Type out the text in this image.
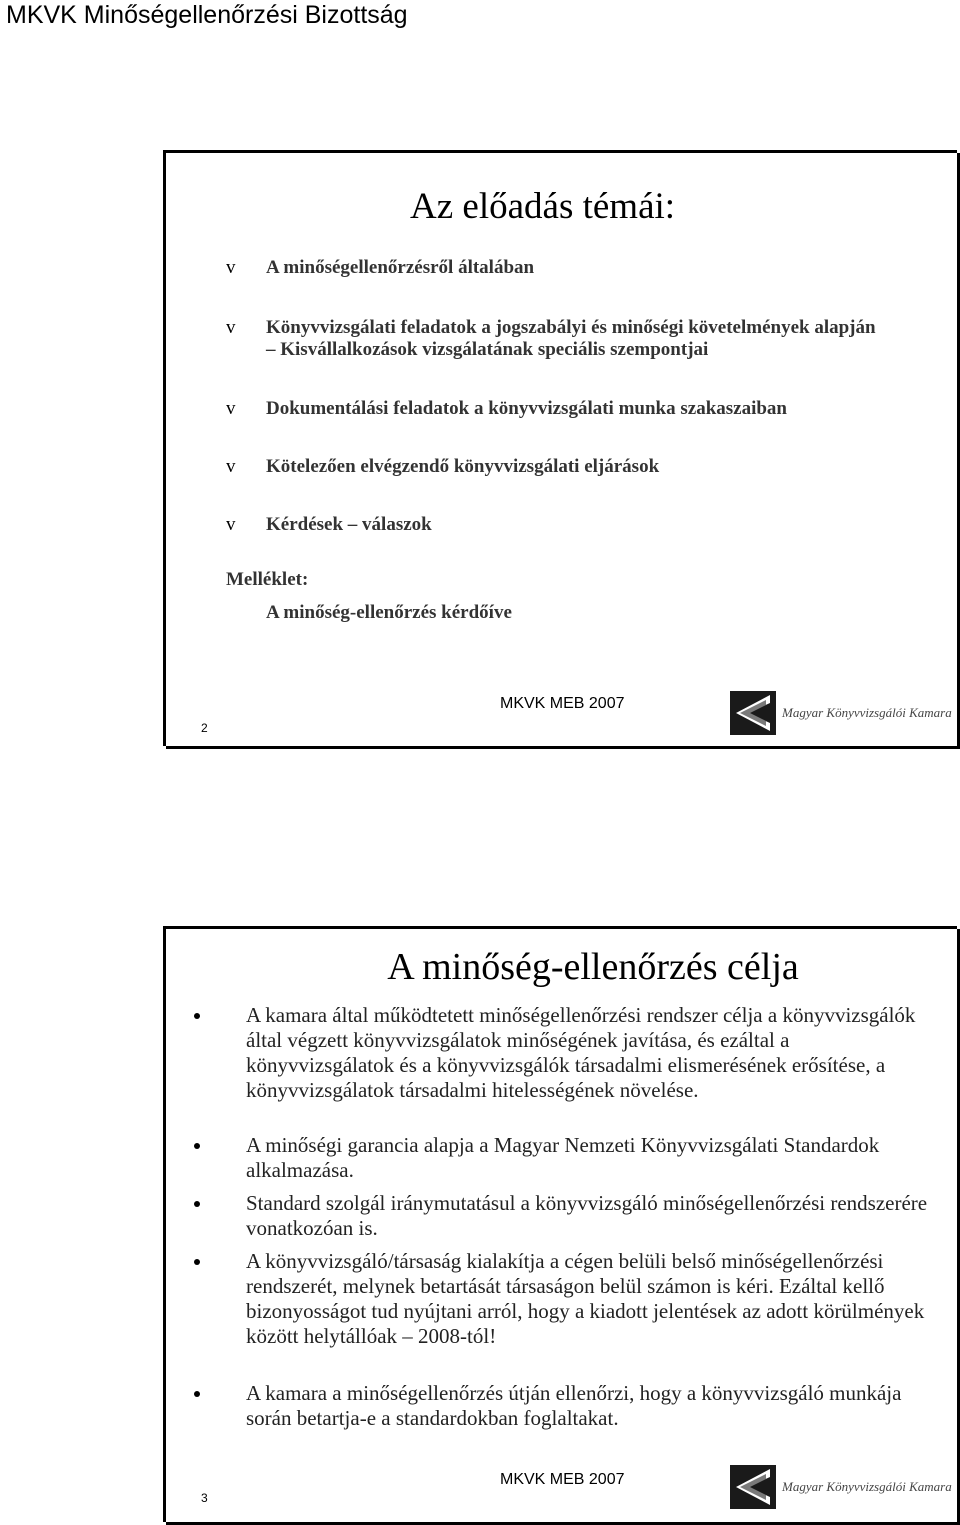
MKVK Minőségellenőrzési Bizottság
Az előadás témái:
v A minőségellenőrzésről általában
v Könyvvizsgálati feladatok a jogszabályi és minőségi követelmények alapján – Kisvállalkozások vizsgálatának speciális szempontjai
v Dokumentálási feladatok a könyvvizsgálati munka szakaszaiban
v Kötelezően elvégzendő könyvvizsgálati eljárások
v Kérdések – válaszok
Melléklet:
A minőség-ellenőrzés kérdőíve
2
MKVK MEB 2007
Magyar Könyvvizsgálói Kamara
A minőség-ellenőrzés célja
A kamara által működtetett minőségellenőrzési rendszer célja a könyvvizsgálók által végzett könyvvizsgálatok minőségének javítása, és ezáltal a könyvvizsgálatok és a könyvvizsgálók társadalmi elismerésének erősítése, a könyvvizsgálatok társadalmi hitelességének növelése.
A minőségi garancia alapja a Magyar Nemzeti Könyvvizsgálati Standardok alkalmazása.
Standard szolgál iránymutatásul a könyvvizsgáló minőségellenőrzési rendszerére vonatkozóan is.
A könyvvizsgáló/társaság kialakítja a cégen belüli belső minőségellenőrzési rendszerét, melynek betartását társaságon belül számon is kéri. Ezáltal kellő bizonyosságot tud nyújtani arról, hogy a kiadott jelentések az adott körülmények között helytállóak – 2008-tól!
A kamara a minőségellenőrzés útján ellenőrzi, hogy a könyvvizsgáló munkája során betartja-e a standardokban foglaltakat.
3
MKVK MEB 2007	Magyar Könyvvizsgálói Kamara
